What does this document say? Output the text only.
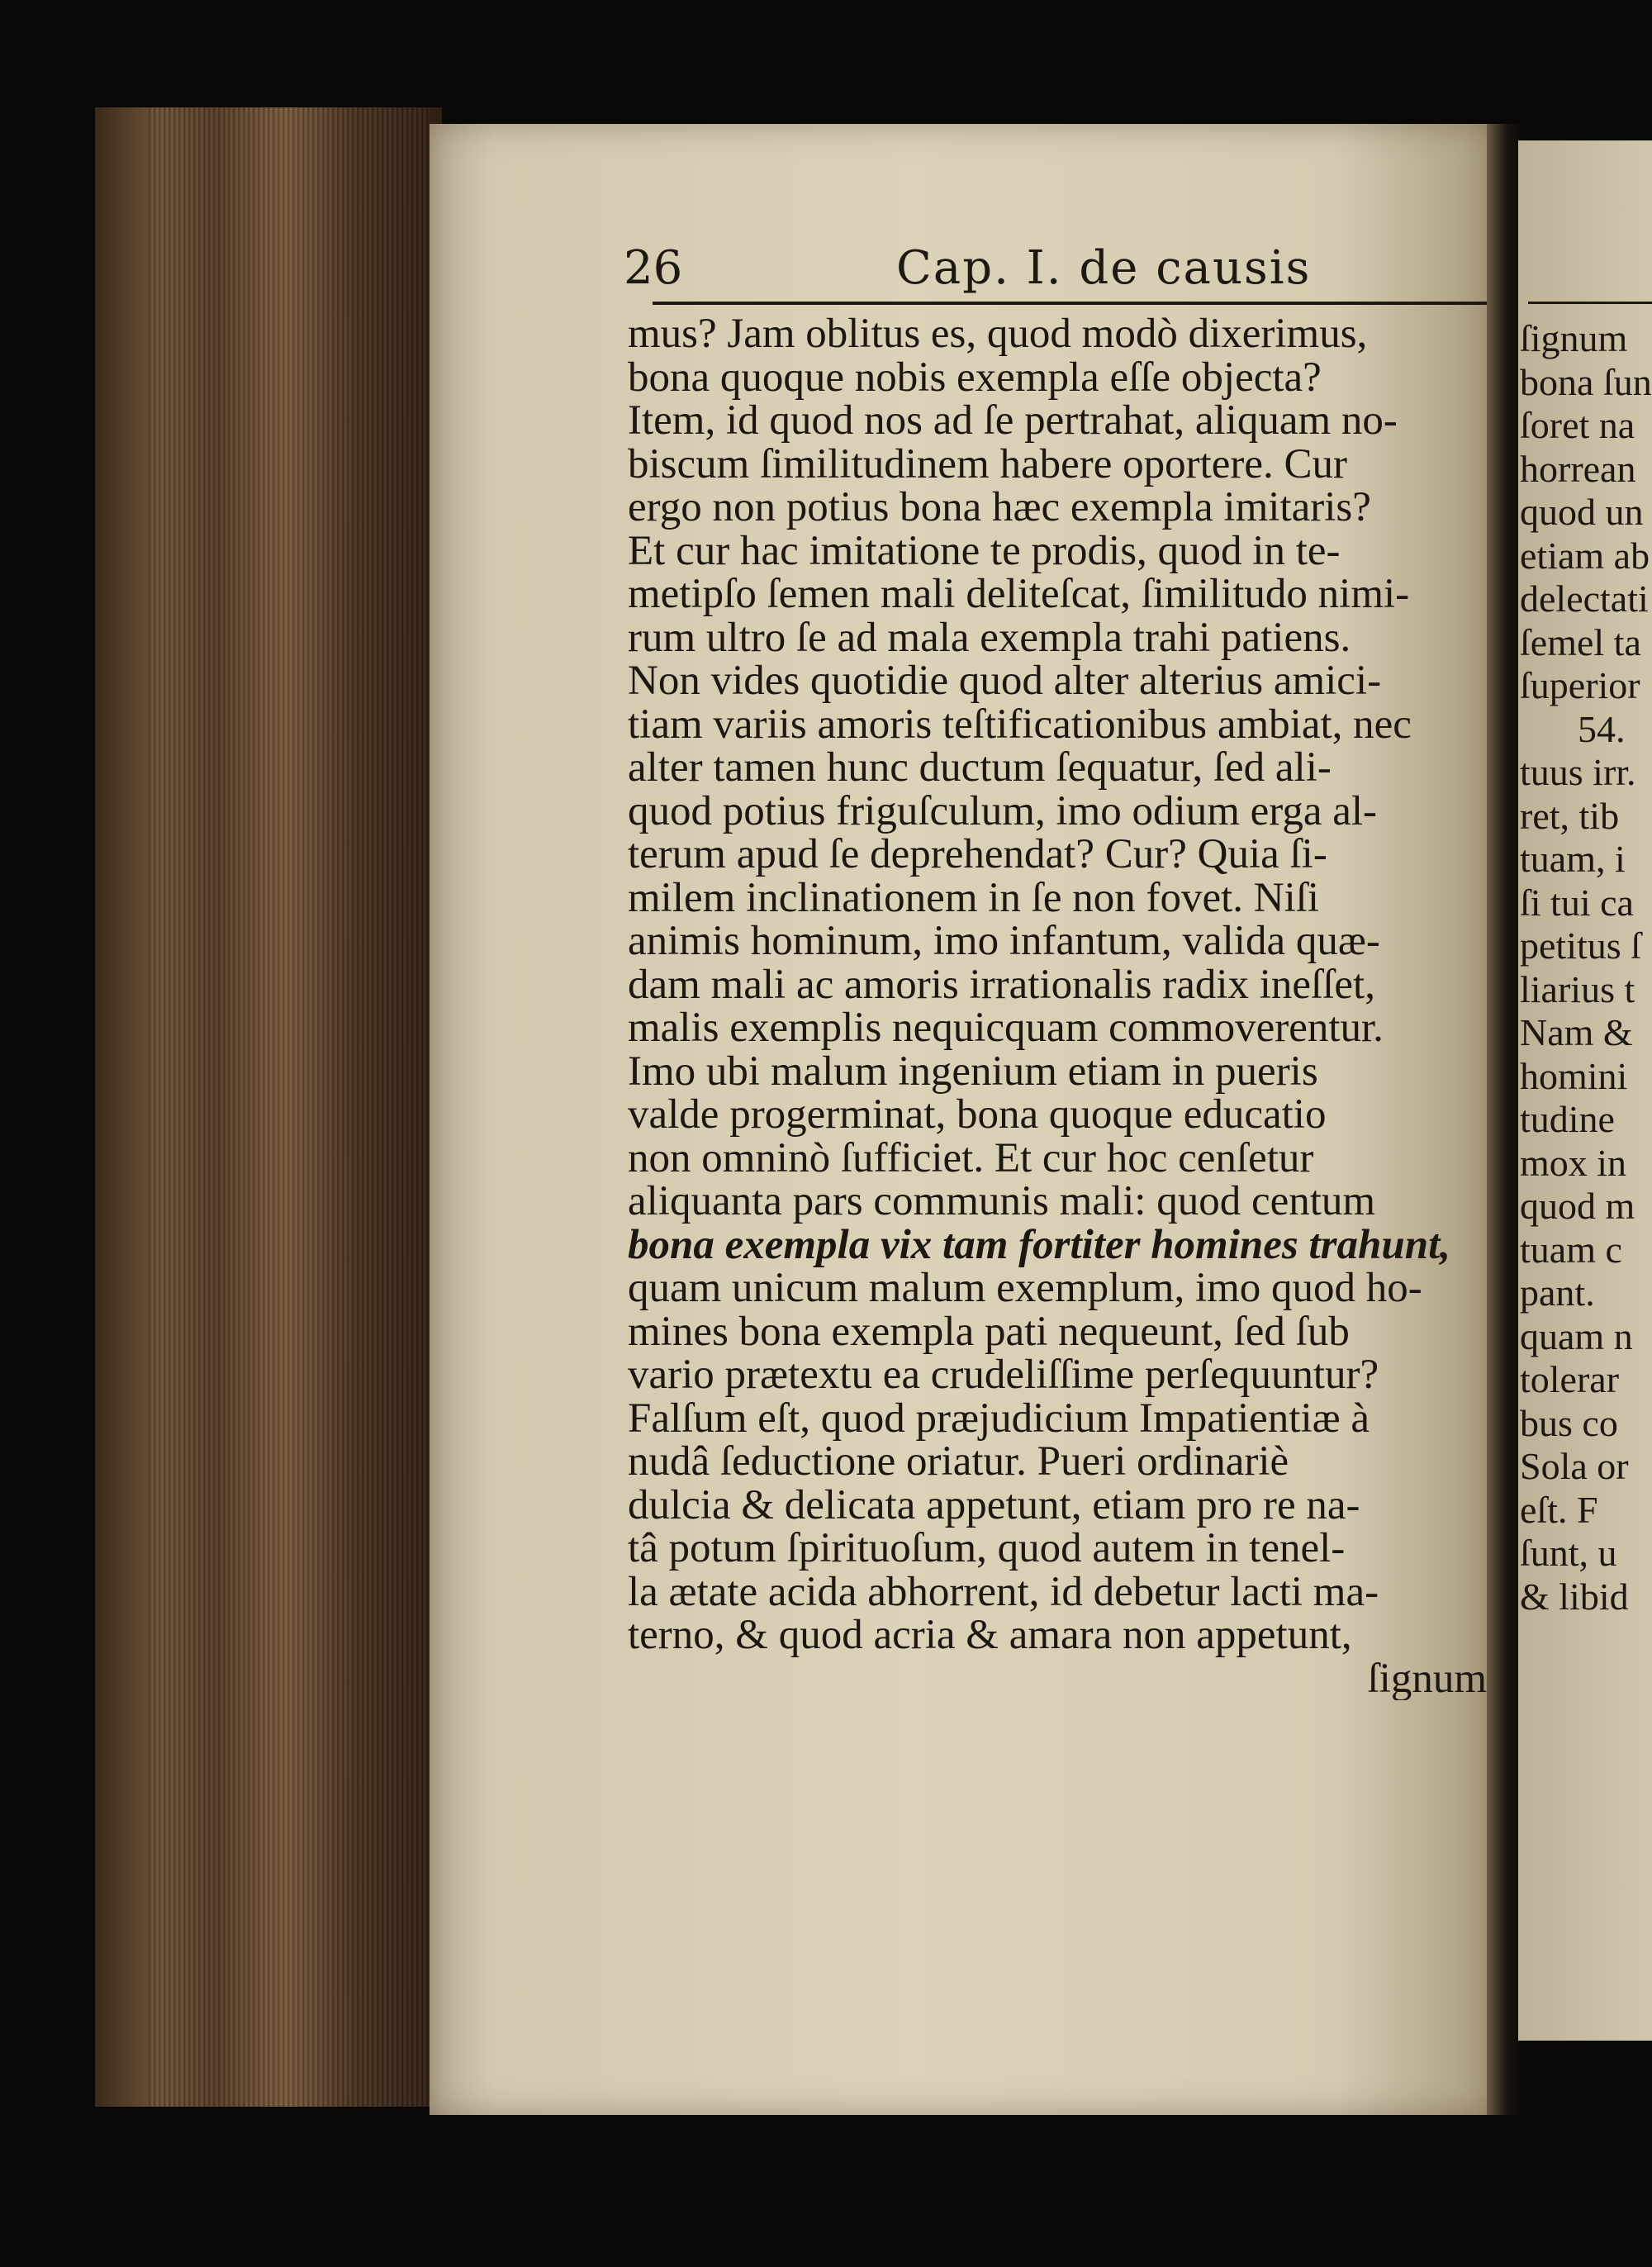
26	Cap. I. de causis
mus? Jam oblitus es, quod modò dixerimus,
bona quoque nobis exempla eſſe objecta?
Item, id quod nos ad ſe pertrahat, aliquam no-
biscum ſimilitudinem habere oportere. Cur
ergo non potius bona hæc exempla imitaris?
Et cur hac imitatione te prodis, quod in te-
metipſo ſemen mali deliteſcat, ſimilitudo nimi-
rum ultro ſe ad mala exempla trahi patiens.
Non vides quotidie quod alter alterius amici-
tiam variis amoris teſtificationibus ambiat, nec
alter tamen hunc ductum ſequatur, ſed ali-
quod potius friguſculum, imo odium erga al-
terum apud ſe deprehendat? Cur? Quia ſi-
milem inclinationem in ſe non fovet. Niſi
animis hominum, imo infantum, valida quæ-
dam mali ac amoris irrationalis radix ineſſet,
malis exemplis nequicquam commoverentur.
Imo ubi malum ingenium etiam in pueris
valde progerminat, bona quoque educatio
non omninò ſufficiet. Et cur hoc cenſetur
aliquanta pars communis mali: quod centum
bona exempla vix tam fortiter homines trahunt,
quam unicum malum exemplum, imo quod ho-
mines bona exempla pati nequeunt, ſed ſub
vario prætextu ea crudeliſſime perſequuntur?
Falſum eſt, quod præjudicium Impatientiæ à
nudâ ſeductione oriatur. Pueri ordinariè
dulcia & delicata appetunt, etiam pro re na-
tâ potum ſpirituoſum, quod autem in tenel-
la ætate acida abhorrent, id debetur lacti ma-
terno, & quod acria & amara non appetunt,
ſignum
ſignum
bona ſun
ſoret na
horrean
quod un
etiam ab
delectati
ſemel ta
ſuperior
54.
tuus irr.
ret, tib
tuam, i
ſi tui ca
petitus ſ
liarius t
Nam &
homini
tudine
mox in
quod m
tuam c
pant.
quam n
tolerar
bus co
Sola or
eſt. F
ſunt, u
& libid
